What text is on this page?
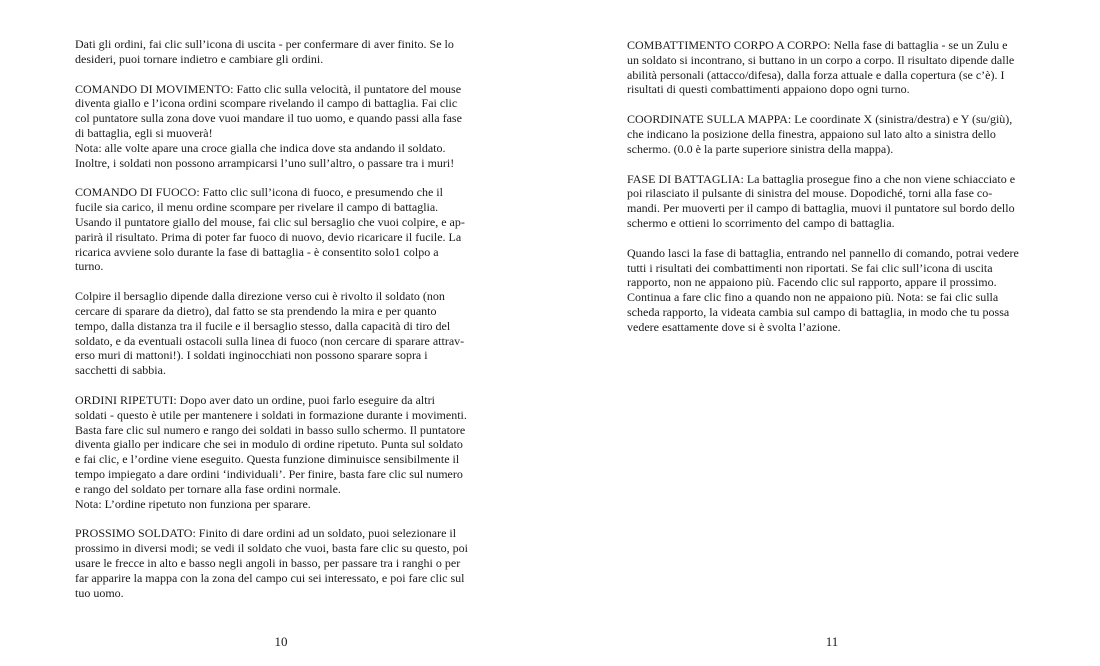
Dati gli ordini, fai clic sull’icona di uscita - per confermare di aver finito. Se lo
desideri, puoi tornare indietro e cambiare gli ordini.

COMANDO DI MOVIMENTO: Fatto clic sulla velocità, il puntatore del mouse
diventa giallo e l’icona ordini scompare rivelando il campo di battaglia. Fai clic
col puntatore sulla zona dove vuoi mandare il tuo uomo, e quando passi alla fase
di battaglia, egli si muoverà!
Nota: alle volte apare una croce gialla che indica dove sta andando il soldato.
Inoltre, i soldati non possono arrampicarsi l’uno sull’altro, o passare tra i muri!

COMANDO DI FUOCO: Fatto clic sull’icona di fuoco, e presumendo che il
fucile sia carico, il menu ordine scompare per rivelare il campo di battaglia.
Usando il puntatore giallo del mouse, fai clic sul bersaglio che vuoi colpire, e ap-
parirà il risultato. Prima di poter far fuoco di nuovo, devio ricaricare il fucile. La
ricarica avviene solo durante la fase di battaglia - è consentito solo1 colpo a
turno.

Colpire il bersaglio dipende dalla direzione verso cui è rivolto il soldato (non
cercare di sparare da dietro), dal fatto se sta prendendo la mira e per quanto
tempo, dalla distanza tra il fucile e il bersaglio stesso, dalla capacità di tiro del
soldato, e da eventuali ostacoli sulla linea di fuoco (non cercare di sparare attrav-
erso muri di mattoni!). I soldati inginocchiati non possono sparare sopra i
sacchetti di sabbia.

ORDINI RIPETUTI: Dopo aver dato un ordine, puoi farlo eseguire da altri
soldati - questo è utile per mantenere i soldati in formazione durante i movimenti.
Basta fare clic sul numero e rango dei soldati in basso sullo schermo. Il puntatore
diventa giallo per indicare che sei in modulo di ordine ripetuto. Punta sul soldato
e fai clic, e l’ordine viene eseguito. Questa funzione diminuisce sensibilmente il
tempo impiegato a dare ordini ‘individuali’. Per finire, basta fare clic sul numero
e rango del soldato per tornare alla fase ordini normale.
Nota: L’ordine ripetuto non funziona per sparare.

PROSSIMO SOLDATO: Finito di dare ordini ad un soldato, puoi selezionare il
prossimo in diversi modi; se vedi il soldato che vuoi, basta fare clic su questo, poi
usare le frecce in alto e basso negli angoli in basso, per passare tra i ranghi o per
far apparire la mappa con la zona del campo cui sei interessato, e poi fare clic sul
tuo uomo.

10

COMBATTIMENTO CORPO A CORPO: Nella fase di battaglia - se un Zulu e
un soldato si incontrano, si buttano in un corpo a corpo. Il risultato dipende dalle
abilità personali (attacco/difesa), dalla forza attuale e dalla copertura (se c’è). I
risultati di questi combattimenti appaiono dopo ogni turno.

COORDINATE SULLA MAPPA: Le coordinate X (sinistra/destra) e Y (su/giù),
che indicano la posizione della finestra, appaiono sul lato alto a sinistra dello
schermo. (0.0 è la parte superiore sinistra della mappa).

FASE DI BATTAGLIA: La battaglia prosegue fino a che non viene schiacciato e
poi rilasciato il pulsante di sinistra del mouse. Dopodiché, torni alla fase co-
mandi. Per muoverti per il campo di battaglia, muovi il puntatore sul bordo dello
schermo e ottieni lo scorrimento del campo di battaglia.

Quando lasci la fase di battaglia, entrando nel pannello di comando, potrai vedere
tutti i risultati dei combattimenti non riportati. Se fai clic sull’icona di uscita
rapporto, non ne appaiono più. Facendo clic sul rapporto, appare il prossimo.
Continua a fare clic fino a quando non ne appaiono più. Nota: se fai clic sulla
scheda rapporto, la videata cambia sul campo di battaglia, in modo che tu possa
vedere esattamente dove si è svolta l’azione.

11
